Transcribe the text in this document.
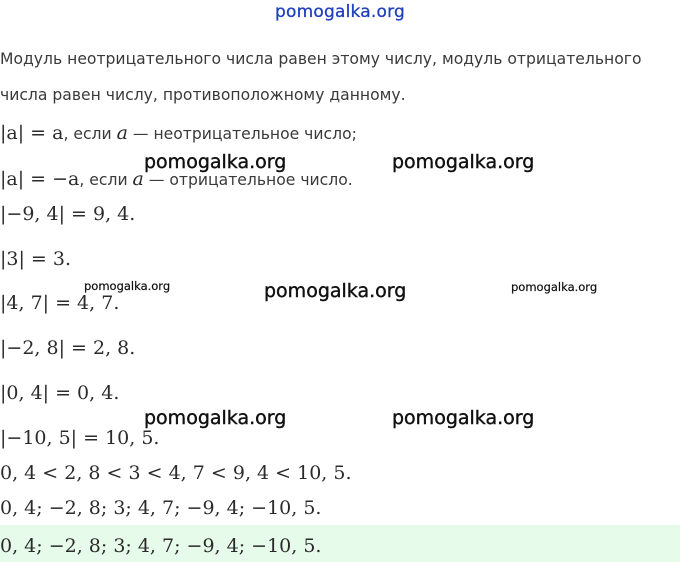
pomogalka.org
Модуль неотрицательного числа равен этому числу, модуль отрицательного числа равен числу, противоположному данному.
|a| = a, если a — неотрицательное число;
|a| = −a, если a — отрицательное число.
|−9, 4| = 9, 4.
|3| = 3.
|4, 7| = 4, 7.
|−2, 8| = 2, 8.
|0, 4| = 0, 4.
|−10, 5| = 10, 5.
0, 4 < 2, 8 < 3 < 4, 7 < 9, 4 < 10, 5.
0, 4; −2, 8; 3; 4, 7; −9, 4; −10, 5.
0, 4; −2, 8; 3; 4, 7; −9, 4; −10, 5.
pomogalka.org	pomogalka.org
pomogalka.org	pomogalka.org	pomogalka.org
pomogalka.org	pomogalka.org
